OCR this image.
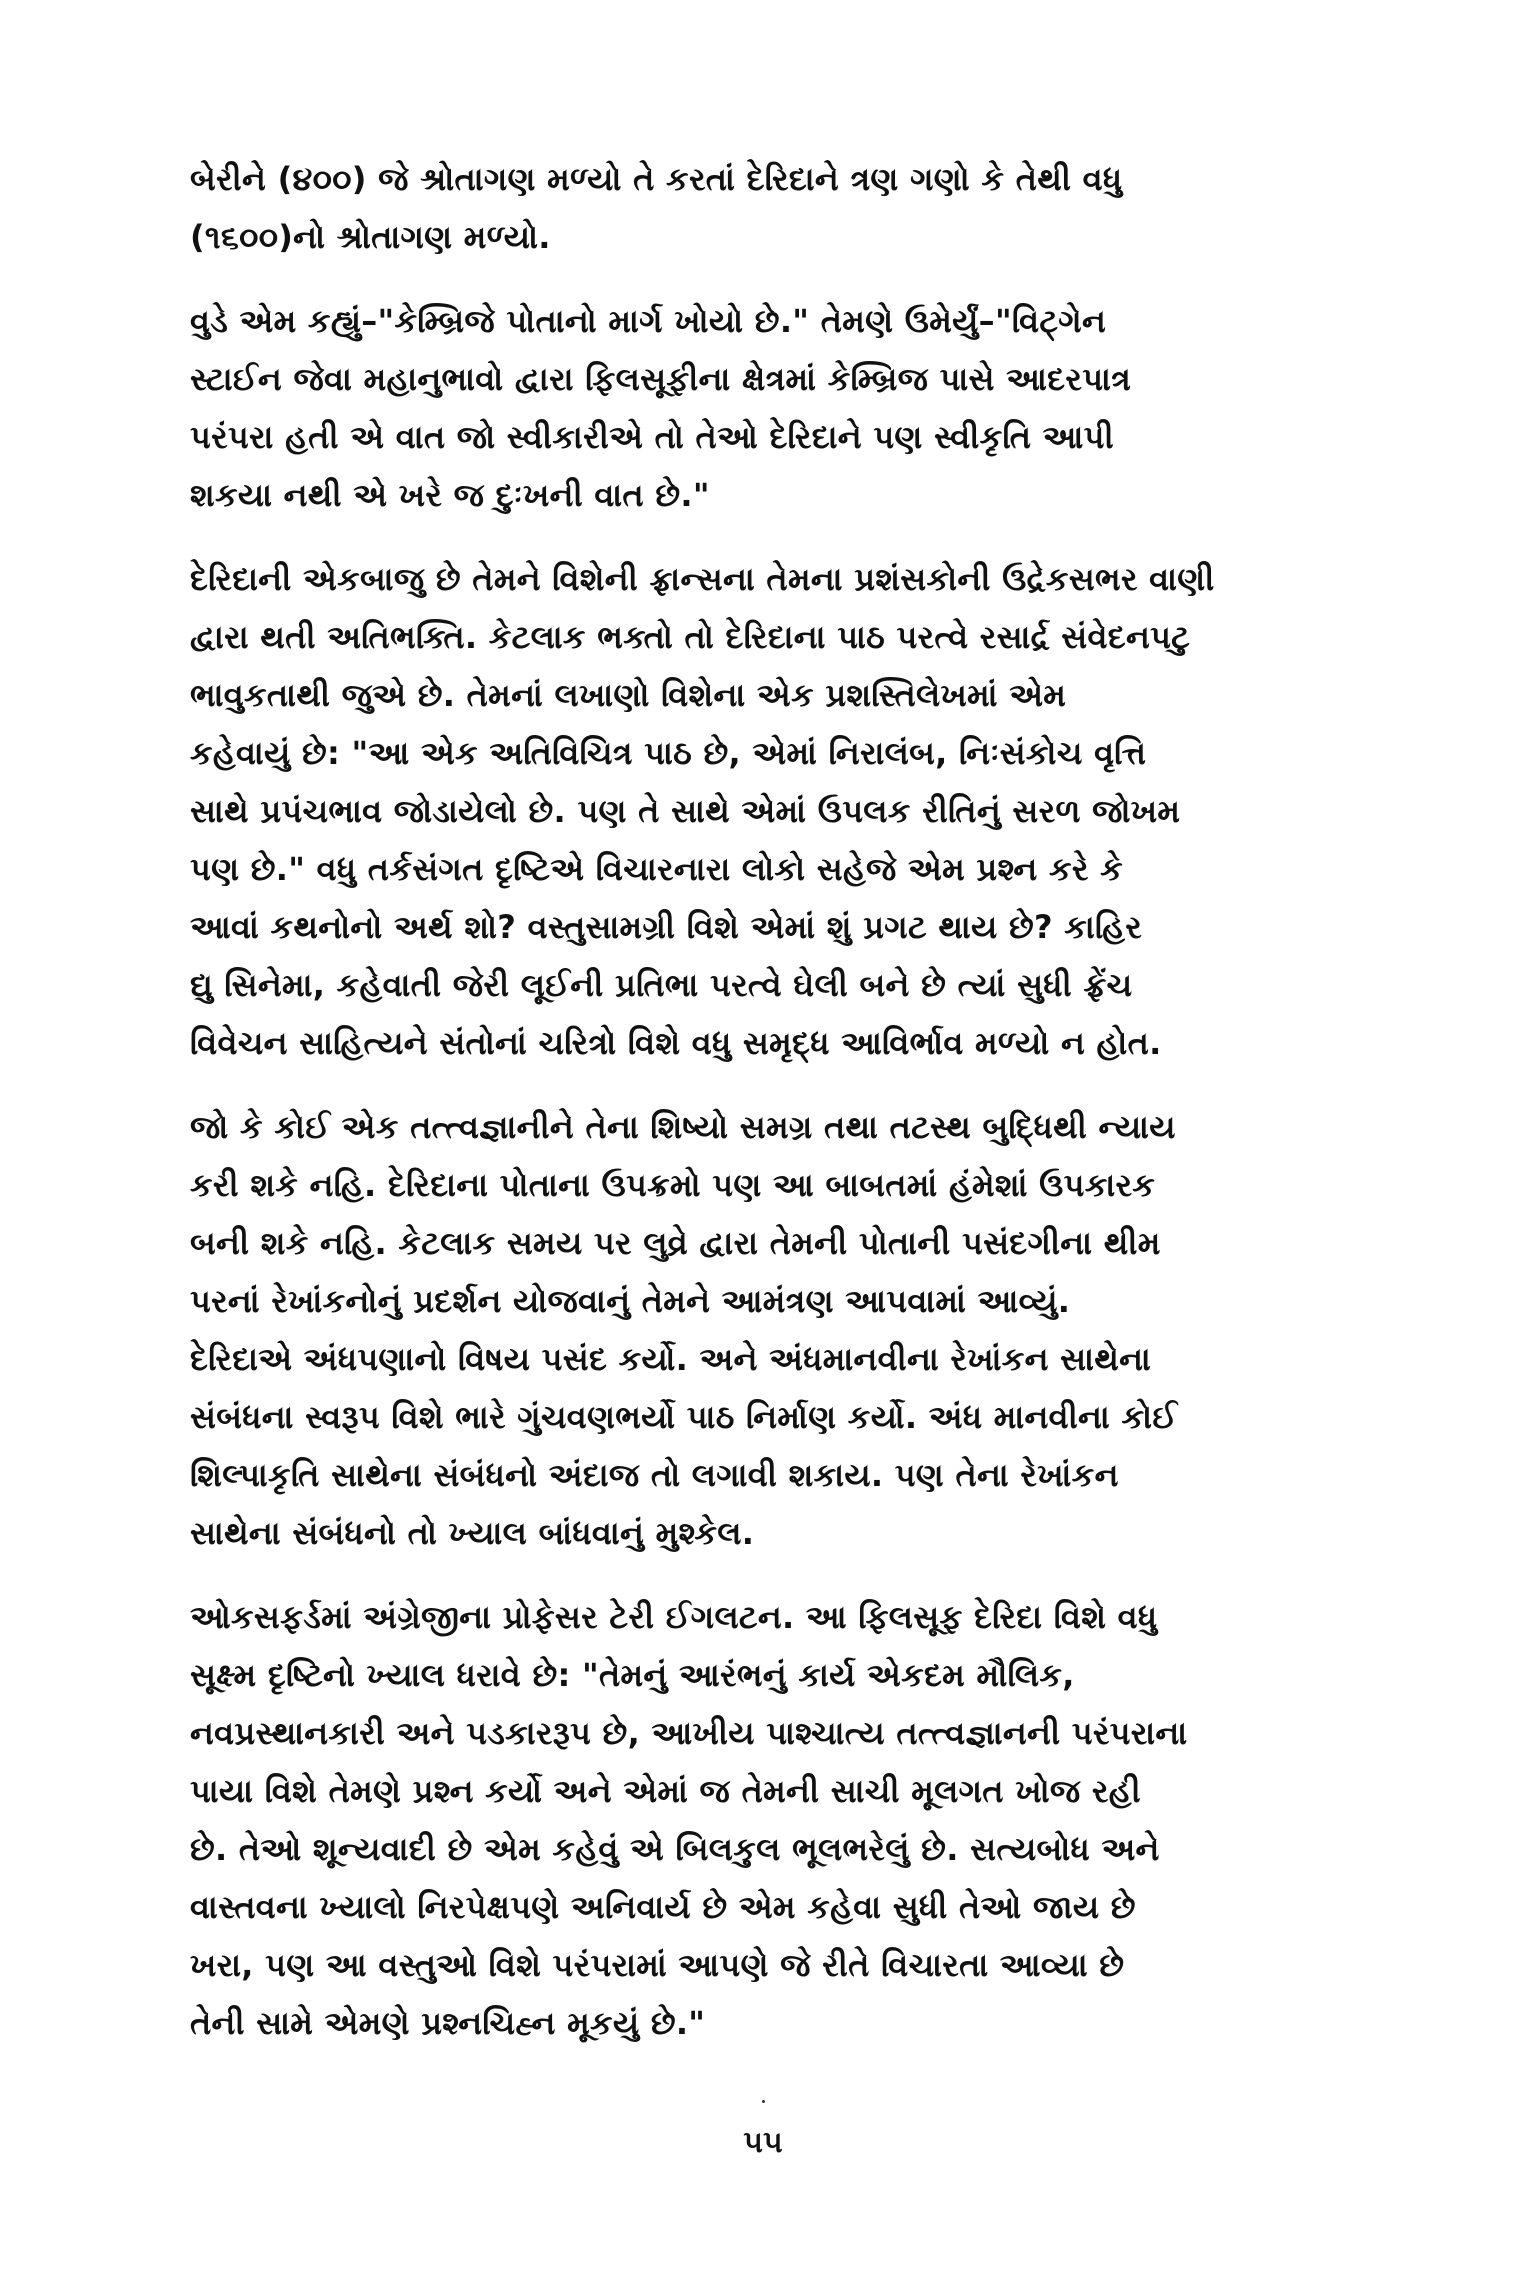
બેરીને (૪૦૦) જે શ્રોતાગણ મળ્યો તે કરતાં દેરિદાને ત્રણ ગણો કે તેથી વધુ
(૧૬૦૦)નો શ્રોતાગણ મળ્યો.

વુડે એમ કહ્યું–"કેમ્બ્રિજે પોતાનો માર્ગ ખોયો છે." તેમણે ઉમેર્યું–"વિટ્‌ગેન
સ્ટાઈન જેવા મહાનુભાવો દ્વારા ફિલસૂફીના ક્ષેત્રમાં કેમ્બ્રિજ પાસે આદરપાત્ર
પરંપરા હતી એ વાત જો સ્વીકારીએ તો તેઓ દેરિદાને પણ સ્વીકૃતિ આપી
શકયા નથી એ ખરે જ દુઃખની વાત છે."

દેરિદાની એકબાજુ છે તેમને વિશેની ફ્રાન્સના તેમના પ્રશંસકોની ઉદ્રેકસભર વાણી
દ્વારા થતી અતિભક્તિ. કેટલાક ભક્તો તો દેરિદાના પાઠ પરત્વે રસાર્દ્ર સંવેદનપટુ
ભાવુકતાથી જુએ છે. તેમનાં લખાણો વિશેના એક પ્રશસ્તિલેખમાં એમ
કહેવાયું છે: "આ એક અતિવિચિત્ર પાઠ છે, એમાં નિરાલંબ, નિઃસંકોચ વૃત્તિ
સાથે પ્રપંચભાવ જોડાયેલો છે. પણ તે સાથે એમાં ઉપલક રીતિનું સરળ જોખમ
પણ છે." વધુ તર્કસંગત દૃષ્ટિએ વિચારનારા લોકો સહેજે એમ પ્રશ્ન કરે કે
આવાં કથનોનો અર્થ શો? વસ્તુસામગ્રી વિશે એમાં શું પ્રગટ થાય છે? કાહિર
દ્યુ સિનેમા, કહેવાતી જેરી લૂઈની પ્રતિભા પરત્વે ઘેલી બને છે ત્યાં સુધી ફ્રેંચ
વિવેચન સાહિત્યને સંતોનાં ચરિત્રો વિશે વધુ સમૃદ્ધ આવિર્ભાવ મળ્યો ન હોત.

જો કે કોઈ એક તત્ત્વજ્ઞાનીને તેના શિષ્યો સમગ્ર તથા તટસ્થ બુદ્ધિથી ન્યાય
કરી શકે નહિ. દેરિદાના પોતાના ઉપક્રમો પણ આ બાબતમાં હંમેશાં ઉપકારક
બની શકે નહિ. કેટલાક સમય પર લુવ્રે દ્વારા તેમની પોતાની પસંદગીના થીમ
પરનાં રેખાંકનોનું પ્રદર્શન યોજવાનું તેમને આમંત્રણ આપવામાં આવ્યું.
દેરિદાએ અંધપણાનો વિષય પસંદ કર્યો. અને અંધમાનવીના રેખાંકન સાથેના
સંબંધના સ્વરૂપ વિશે ભારે ગુંચવણભર્યો પાઠ નિર્માણ કર્યો. અંધ માનવીના કોઈ
શિલ્પાકૃતિ સાથેના સંબંધનો અંદાજ તો લગાવી શકાય. પણ તેના રેખાંકન
સાથેના સંબંધનો તો ખ્યાલ બાંધવાનું મુશ્કેલ.

ઓકસફર્ડમાં અંગ્રેજીના પ્રોફેસર ટેરી ઈગલટન. આ ફિલસૂફ દેરિદા વિશે વધુ
સૂક્ષ્મ દૃષ્ટિનો ખ્યાલ ધરાવે છે: "તેમનું આરંભનું કાર્ય એકદમ મૌલિક,
નવપ્રસ્થાનકારી અને પડકારરૂપ છે, આખીય પાશ્ચાત્ય તત્ત્વજ્ઞાનની પરંપરાના
પાયા વિશે તેમણે પ્રશ્ન કર્યો અને એમાં જ તેમની સાચી મૂલગત ખોજ રહી
છે. તેઓ શૂન્યવાદી છે એમ કહેવું એ બિલકુલ ભૂલભરેલું છે. સત્યબોધ અને
વાસ્તવના ખ્યાલો નિરપેક્ષપણે અનિવાર્ય છે એમ કહેવા સુધી તેઓ જાય છે
ખરા, પણ આ વસ્તુઓ વિશે પરંપરામાં આપણે જે રીતે વિચારતા આવ્યા છે
તેની સામે એમણે પ્રશ્નચિહ્ન મૂકયું છે."

૫૫
